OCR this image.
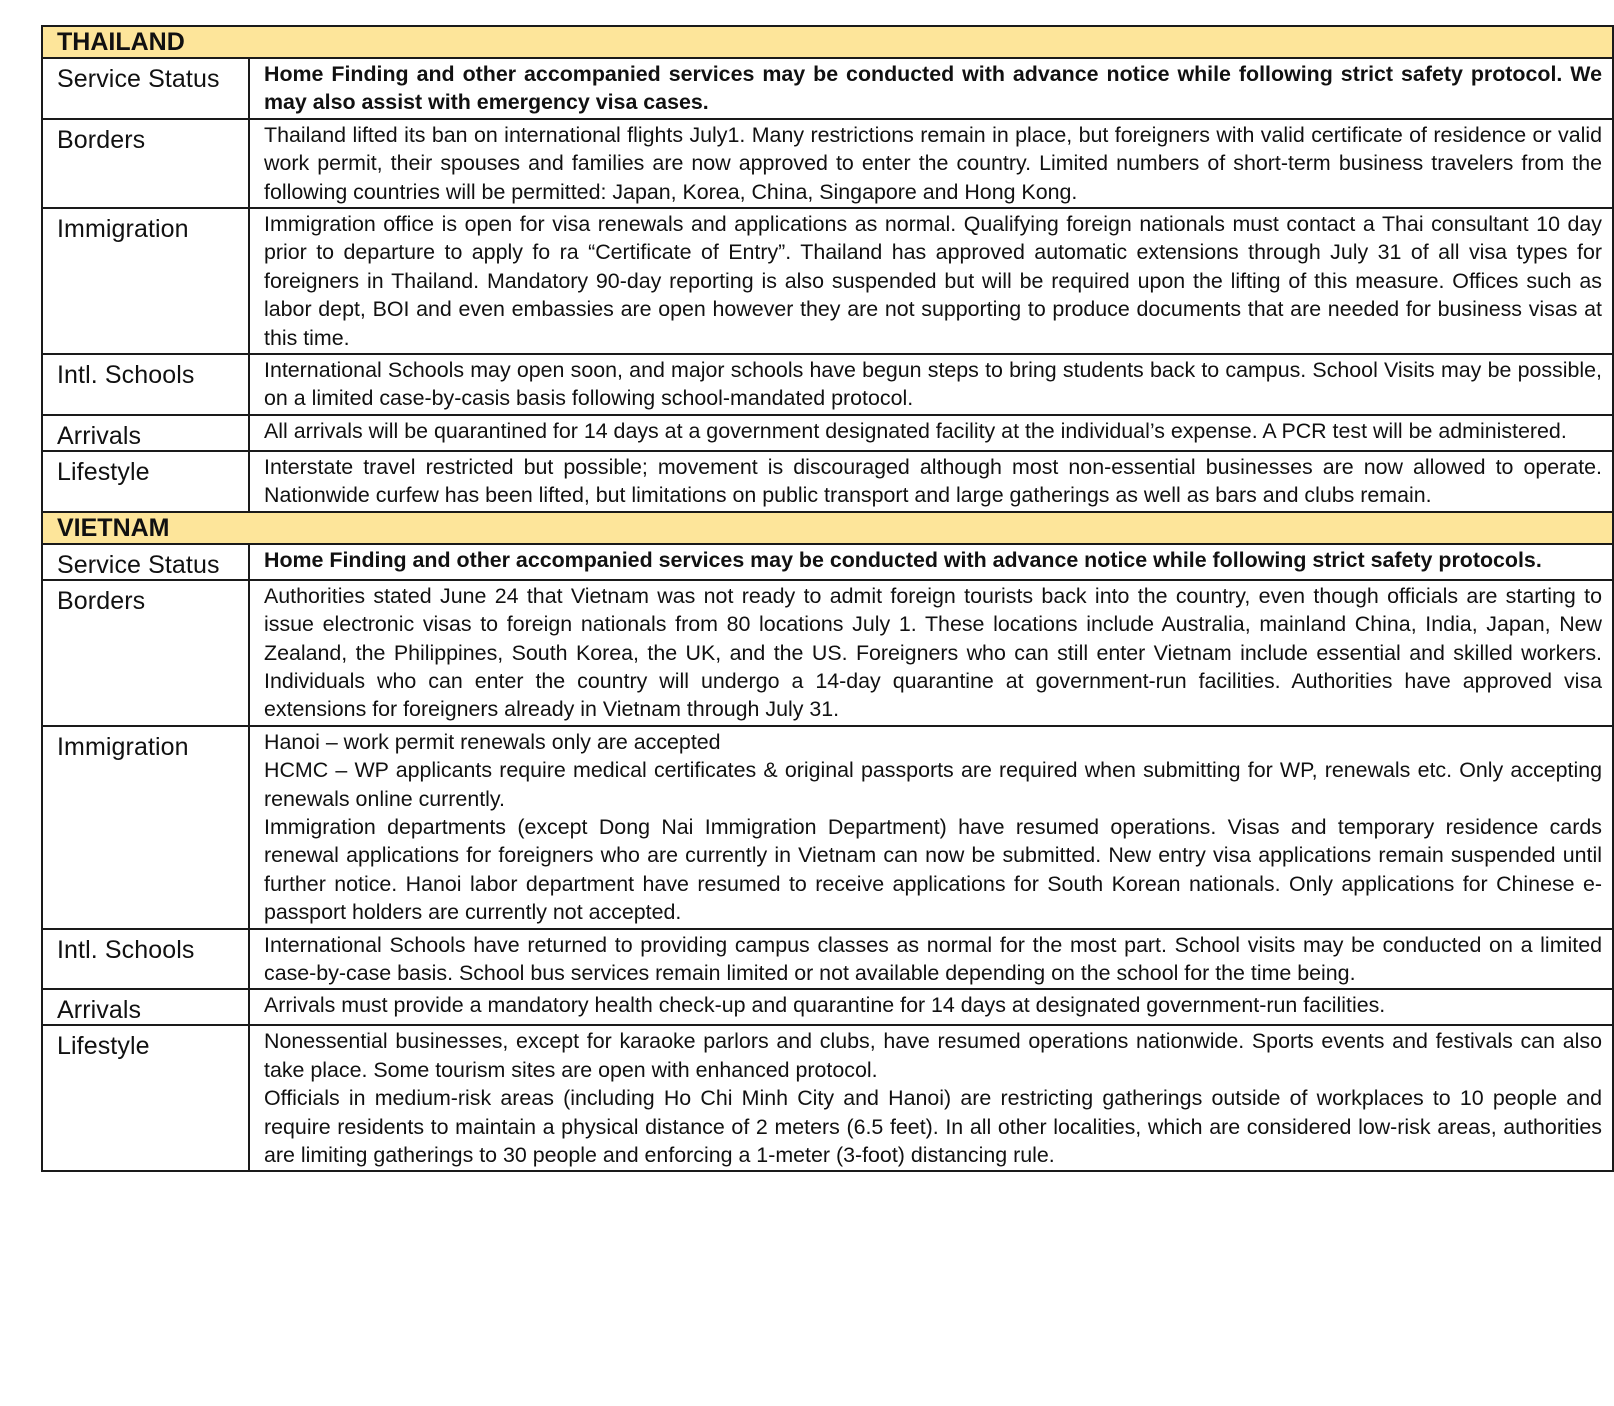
THAILAND	
Service Status	Home Finding and other accompanied services may be conducted with advance notice while following strict safety protocol. We may also assist with emergency visa cases.

Borders	Thailand lifted its ban on international flights July1. Many restrictions remain in place, but foreigners with valid certificate of residence or valid work permit, their spouses and families are now approved to enter the country. Limited numbers of short-term business travelers from the following countries will be permitted: Japan, Korea, China, Singapore and Hong Kong.

Immigration	Immigration office is open for visa renewals and applications as normal. Qualifying foreign nationals must contact a Thai consultant 10 day prior to departure to apply fo ra “Certificate of Entry”. Thailand has approved automatic extensions through July 31 of all visa types for foreigners in Thailand. Mandatory 90-day reporting is also suspended but will be required upon the lifting of this measure. Offices such as labor dept, BOI and even embassies are open however they are not supporting to produce documents that are needed for business visas at this time.

Intl. Schools	International Schools may open soon, and major schools have begun steps to bring students back to campus. School Visits may be possible, on a limited case-by-casis basis following school-mandated protocol.

Arrivals	All arrivals will be quarantined for 14 days at a government designated facility at the individual’s expense. A PCR test will be administered.

Lifestyle	Interstate travel restricted but possible; movement is discouraged although most non-essential businesses are now allowed to operate. Nationwide curfew has been lifted, but limitations on public transport and large gatherings as well as bars and clubs remain.

VIETNAM	
Service Status	Home Finding and other accompanied services may be conducted with advance notice while following strict safety protocols.

Borders	Authorities stated June 24 that Vietnam was not ready to admit foreign tourists back into the country, even though officials are starting to issue electronic visas to foreign nationals from 80 locations July 1. These locations include Australia, mainland China, India, Japan, New Zealand, the Philippines, South Korea, the UK, and the US. Foreigners who can still enter Vietnam include essential and skilled workers. Individuals who can enter the country will undergo a 14-day quarantine at government-run facilities. Authorities have approved visa extensions for foreigners already in Vietnam through July 31.

Immigration	Hanoi – work permit renewals only are accepted
HCMC – WP applicants require medical certificates & original passports are required when submitting for WP, renewals etc. Only accepting renewals online currently.
Immigration departments (except Dong Nai Immigration Department) have resumed operations. Visas and temporary residence cards renewal applications for foreigners who are currently in Vietnam can now be submitted. New entry visa applications remain suspended until further notice. Hanoi labor department have resumed to receive applications for South Korean nationals. Only applications for Chinese e-passport holders are currently not accepted.

Intl. Schools	International Schools have returned to providing campus classes as normal for the most part. School visits may be conducted on a limited case-by-case basis. School bus services remain limited or not available depending on the school for the time being.

Arrivals	Arrivals must provide a mandatory health check-up and quarantine for 14 days at designated government-run facilities.

Lifestyle	Nonessential businesses, except for karaoke parlors and clubs, have resumed operations nationwide. Sports events and festivals can also take place. Some tourism sites are open with enhanced protocol.
Officials in medium-risk areas (including Ho Chi Minh City and Hanoi) are restricting gatherings outside of workplaces to 10 people and require residents to maintain a physical distance of 2 meters (6.5 feet). In all other localities, which are considered low-risk areas, authorities are limiting gatherings to 30 people and enforcing a 1-meter (3-foot) distancing rule.
